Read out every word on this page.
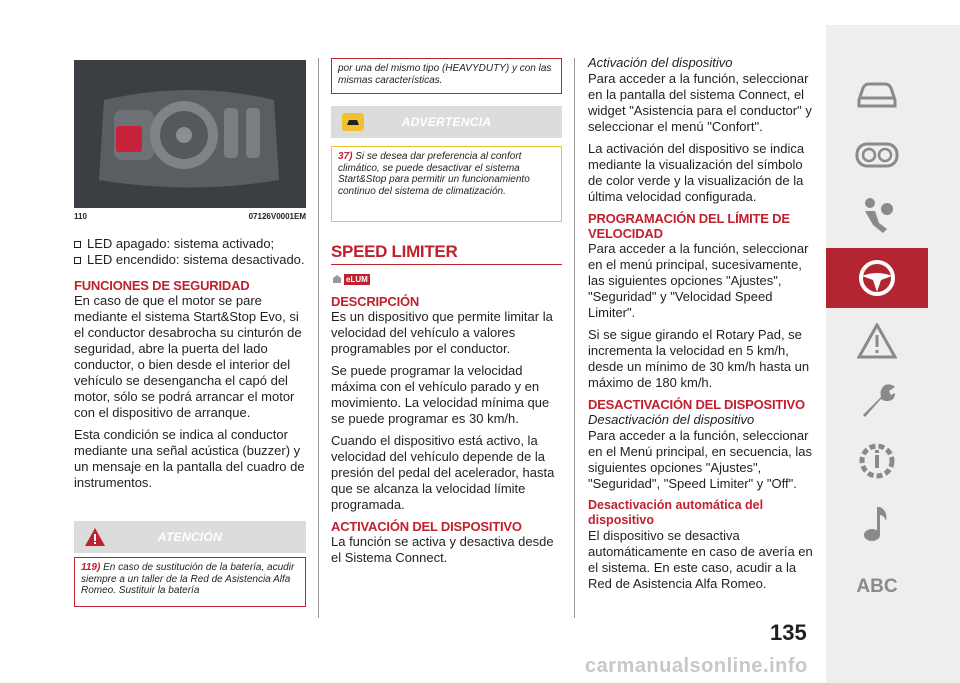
110	07126V0001EM
LED apagado: sistema activado;
LED encendido: sistema desactivado.
FUNCIONES DE SEGURIDAD

En caso de que el motor se pare mediante el sistema Start&Stop Evo, si el conductor desabrocha su cinturón de seguridad, abre la puerta del lado conductor, o bien desde el interior del vehículo se desengancha el capó del motor, sólo se podrá arrancar el motor con el dispositivo de arranque.

Esta condición se indica al conductor mediante una señal acústica (buzzer) y un mensaje en la pantalla del cuadro de instrumentos.

ATENCIÓN

119) En caso de sustitución de la batería, acudir siempre a un taller de la Red de Asistencia Alfa Romeo. Sustituir la batería

por una del mismo tipo (HEAVYDUTY) y con las mismas características.

ADVERTENCIA

37) Si se desea dar preferencia al confort climático, se puede desactivar el sistema Start&Stop para permitir un funcionamiento continuo del sistema de climatización.

SPEED LIMITER
eLUM
DESCRIPCIÓN

Es un dispositivo que permite limitar la velocidad del vehículo a valores programables por el conductor.

Se puede programar la velocidad máxima con el vehículo parado y en movimiento. La velocidad mínima que se puede programar es 30 km/h.

Cuando el dispositivo está activo, la velocidad del vehículo depende de la presión del pedal del acelerador, hasta que se alcanza la velocidad límite programada.

ACTIVACIÓN DEL DISPOSITIVO

La función se activa y desactiva desde el Sistema Connect.

Activación del dispositivo

Para acceder a la función, seleccionar en la pantalla del sistema Connect, el widget "Asistencia para el conductor" y seleccionar el menú "Confort".

La activación del dispositivo se indica mediante la visualización del símbolo de color verde y la visualización de la última velocidad configurada.

PROGRAMACIÓN DEL LÍMITE DE VELOCIDAD

Para acceder a la función, seleccionar en el menú principal, sucesivamente, las siguientes opciones "Ajustes", "Seguridad" y "Velocidad Speed Limiter".

Si se sigue girando el Rotary Pad, se incrementa la velocidad en 5 km/h, desde un mínimo de 30 km/h hasta un máximo de 180 km/h.

DESACTIVACIÓN DEL DISPOSITIVO

Desactivación del dispositivo

Para acceder a la función, seleccionar en el Menú principal, en secuencia, las siguientes opciones "Ajustes", "Seguridad", "Speed Limiter" y "Off".

Desactivación automática del dispositivo

El dispositivo se desactiva automáticamente en caso de avería en el sistema. En este caso, acudir a la Red de Asistencia Alfa Romeo.	ABC
135
carmanualsonline.info
